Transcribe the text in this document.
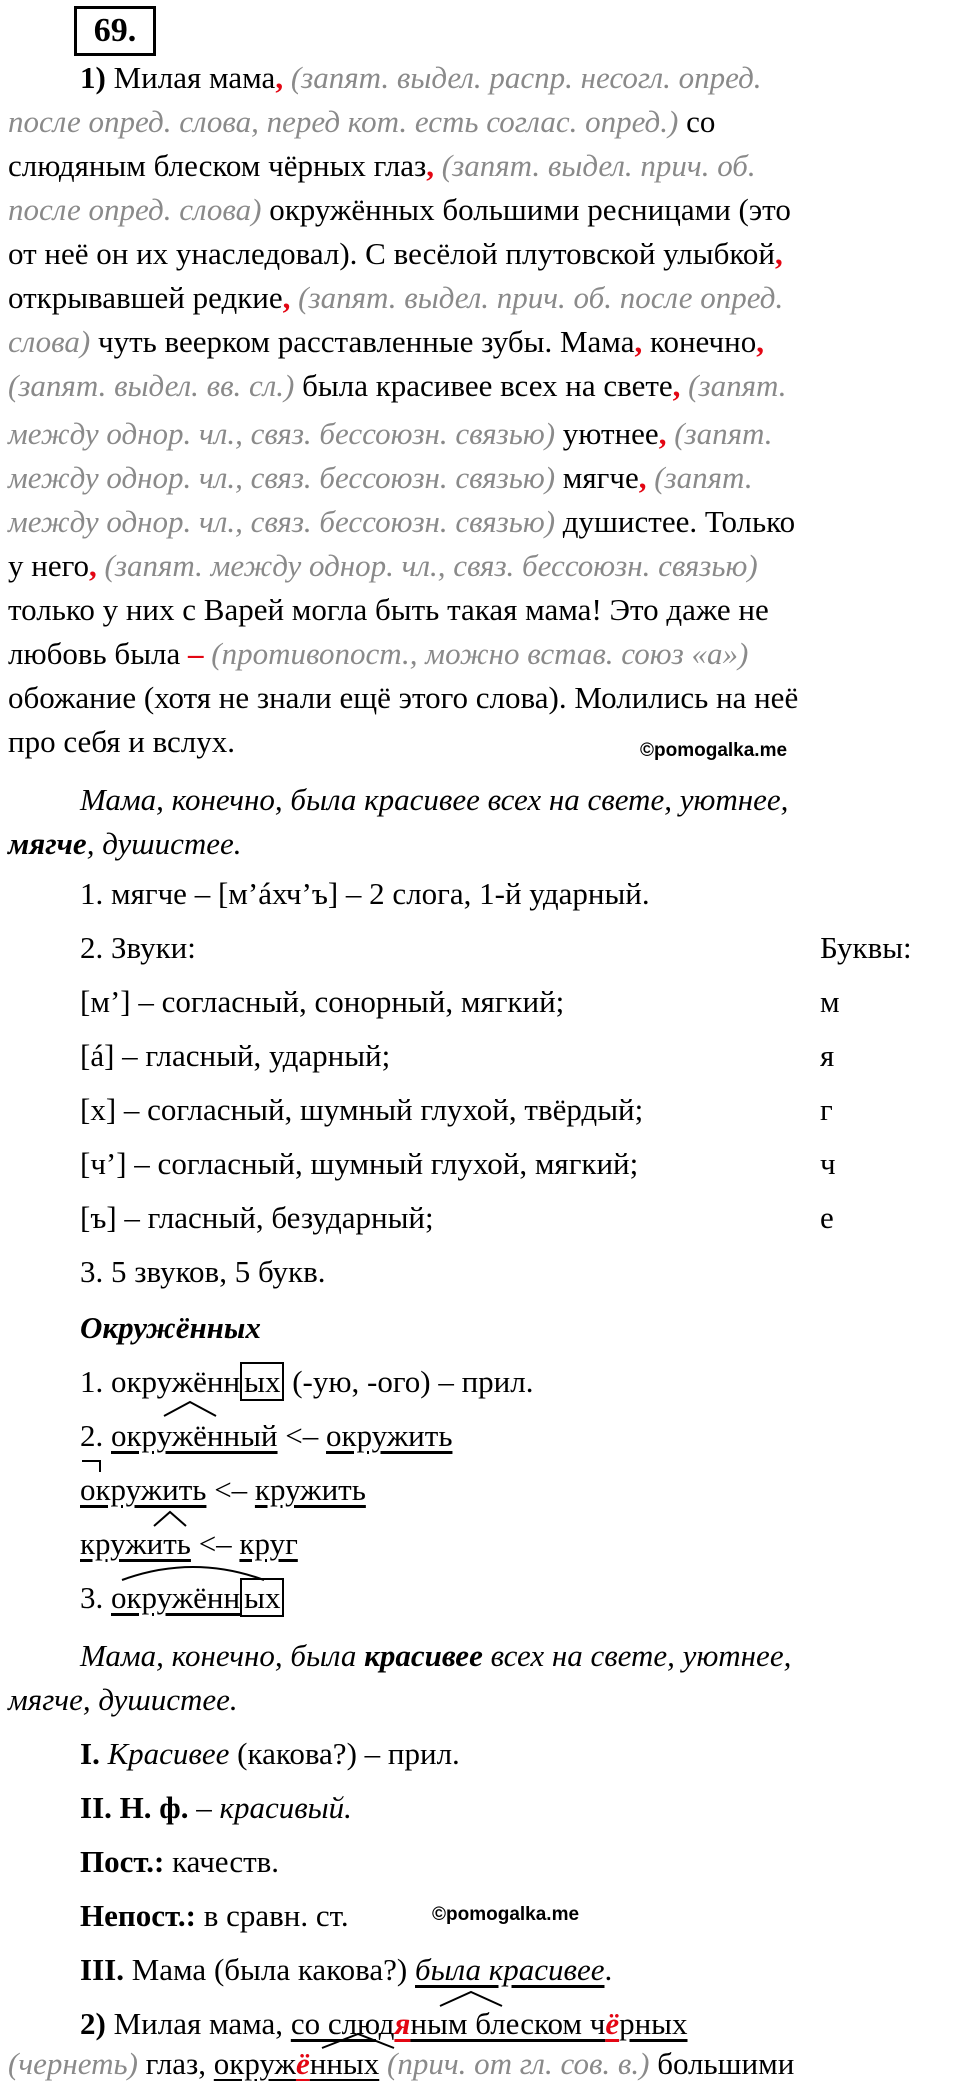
69.
1) Милая мама, (запят. выдел. распр. несогл. опред.
после опред. слова, перед кот. есть соглас. опред.) со
слюдяным блеском чёрных глаз, (запят. выдел. прич. об.
после опред. слова) окружённых большими ресницами (это
от неё он их унаследовал). С весёлой плутовской улыбкой,
открывавшей редкие, (запят. выдел. прич. об. после опред.
слова) чуть веерком расставленные зубы. Мама, конечно,
(запят. выдел. вв. сл.) была красивее всех на свете, (запят.
между однор. чл., связ. бессоюзн. связью) уютнее, (запят.
между однор. чл., связ. бессоюзн. связью) мягче, (запят.
между однор. чл., связ. бессоюзн. связью) душистее. Только
у него, (запят. между однор. чл., связ. бессоюзн. связью)
только у них с Варей могла быть такая мама! Это даже не
любовь была – (противопост., можно встав. союз «а»)
обожание (хотя не знали ещё этого слова). Молились на неё
про себя и вслух.	©pomogalka.me
Мама, конечно, была красивее всех на свете, уютнее,
мягче, душистее.
1. мягче – [м’áхч’ъ] – 2 слога, 1-й ударный.
2. Звуки:	Буквы:
[м’] – согласный, сонорный, мягкий;	м
[á] – гласный, ударный;	я
[х] – согласный, шумный глухой, твёрдый;	г
[ч’] – согласный, шумный глухой, мягкий;	ч
[ъ] – гласный, безударный;	е
3. 5 звуков, 5 букв.
Окружённых
1. окружённ ых (-ую, -ого) – прил.
2. окружённый <– окружить
окружить <– кружить
кружить <– круг
3. окружённ ых
Мама, конечно, была красивее всех на свете, уютнее,
мягче, душистее.
I. Красивее (какова?) – прил.
II. Н. ф. – красивый.
Пост.: качеств.
Непост.: в сравн. ст.	©pomogalka.me
III. Мама (была какова?) была красивее.
2) Милая мама, со слюдяным блеском чёрных
(чернеть) глаз, окружённых (прич. от гл. сов. в.) большими
